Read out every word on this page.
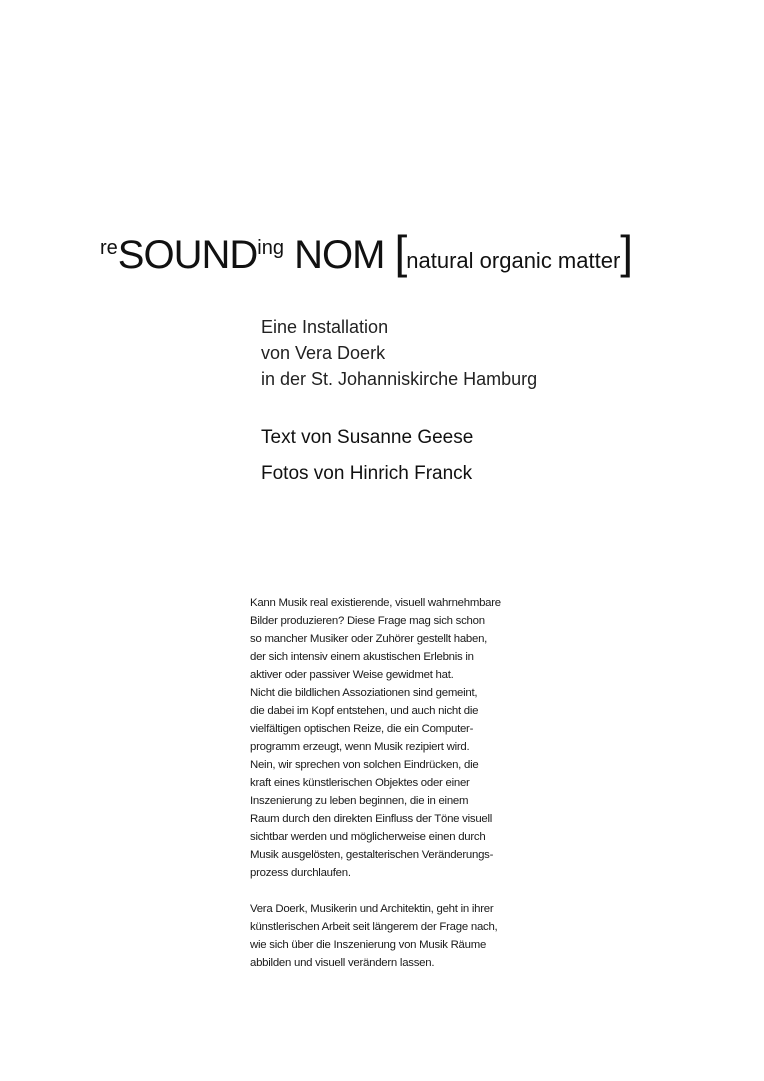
$^{re}SOUND^{ing}$ NOM [natural organic matter]
Eine Installation
von Vera Doerk
in der St. Johanniskirche Hamburg
Text von Susanne Geese
Fotos von Hinrich Franck
Kann Musik real existierende, visuell wahrnehmbare
Bilder produzieren? Diese Frage mag sich schon
so mancher Musiker oder Zuhörer gestellt haben,
der sich intensiv einem akustischen Erlebnis in
aktiver oder passiver Weise gewidmet hat.
Nicht die bildlichen Assoziationen sind gemeint,
die dabei im Kopf entstehen, und auch nicht die
vielfältigen optischen Reize, die ein Computer-
programm erzeugt, wenn Musik rezipiert wird.
Nein, wir sprechen von solchen Eindrücken, die
kraft eines künstlerischen Objektes oder einer
Inszenierung zu leben beginnen, die in einem
Raum durch den direkten Einfluss der Töne visuell
sichtbar werden und möglicherweise einen durch
Musik ausgelösten, gestalterischen Veränderungs-
prozess durchlaufen.
Vera Doerk, Musikerin und Architektin, geht in ihrer
künstlerischen Arbeit seit längerem der Frage nach,
wie sich über die Inszenierung von Musik Räume
abbilden und visuell verändern lassen.
